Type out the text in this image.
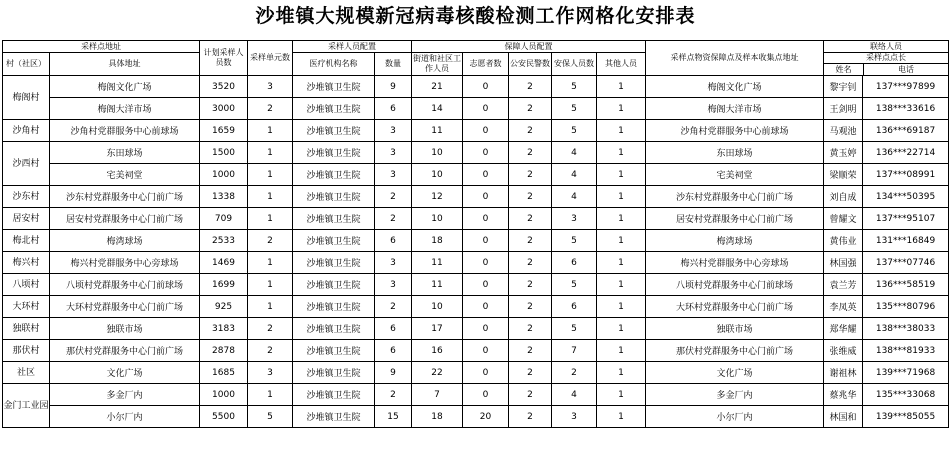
沙堆镇大规模新冠病毒核酸检测工作网格化安排表
采样点地址		计划采样人员数	采样单元数	采样人员配置		保障人员配置					采样点物资保障点及样本收集点地址	联络人员	
村（社区）	具体地址			医疗机构名称	数量	街道和社区工作人员	志愿者数	公安民警数	安保人员数	其他人员		采样点点长
姓名 电话	

梅阁村	梅阁文化广场	3520	3	沙堆镇卫生院	9	21	0	2	5	1	梅阁文化广场	黎宇钊	137***97899
	梅阁大洋市场	3000	2	沙堆镇卫生院	6	14	0	2	5	1	梅阁大洋市场	王剑明	138***33616
沙角村	沙角村党群服务中心前球场	1659	1	沙堆镇卫生院	3	11	0	2	5	1	沙角村党群服务中心前球场	马观池	136***69187
沙西村	东田球场	1500	1	沙堆镇卫生院	3	10	0	2	4	1	东田球场	黄玉婷	136***22714
	宅美祠堂	1000	1	沙堆镇卫生院	3	10	0	2	4	1	宅美祠堂	梁顺荣	137***08991
沙东村	沙东村党群服务中心门前广场	1338	1	沙堆镇卫生院	2	12	0	2	4	1	沙东村党群服务中心门前广场	刘自成	134***50395
居安村	居安村党群服务中心门前广场	709	1	沙堆镇卫生院	2	10	0	2	3	1	居安村党群服务中心门前广场	曾耀文	137***95107
梅北村	梅湾球场	2533	2	沙堆镇卫生院	6	18	0	2	5	1	梅湾球场	黄伟业	131***16849
梅兴村	梅兴村党群服务中心旁球场	1469	1	沙堆镇卫生院	3	11	0	2	6	1	梅兴村党群服务中心旁球场	林国强	137***07746
八顷村	八顷村党群服务中心门前球场	1699	1	沙堆镇卫生院	3	11	0	2	5	1	八顷村党群服务中心门前球场	袁兰芳	136***58519
大环村	大环村党群服务中心门前广场	925	1	沙堆镇卫生院	2	10	0	2	6	1	大环村党群服务中心门前广场	李凤英	135***80796
独联村	独联市场	3183	2	沙堆镇卫生院	6	17	0	2	5	1	独联市场	郑华耀	138***38033
那伏村	那伏村党群服务中心门前广场	2878	2	沙堆镇卫生院	6	16	0	2	7	1	那伏村党群服务中心门前广场	张维威	138***81933
社区	文化广场	1685	3	沙堆镇卫生院	9	22	0	2	2	1	文化广场	谢祖林	139***71968
金门工业园	多金厂内	1000	1	沙堆镇卫生院	2	7	0	2	4	1	多金厂内	蔡兆华	135***33068
	小尔厂内	5500	5	沙堆镇卫生院	15	18	20	2	3	1	小尔厂内	林国和	139***85055
